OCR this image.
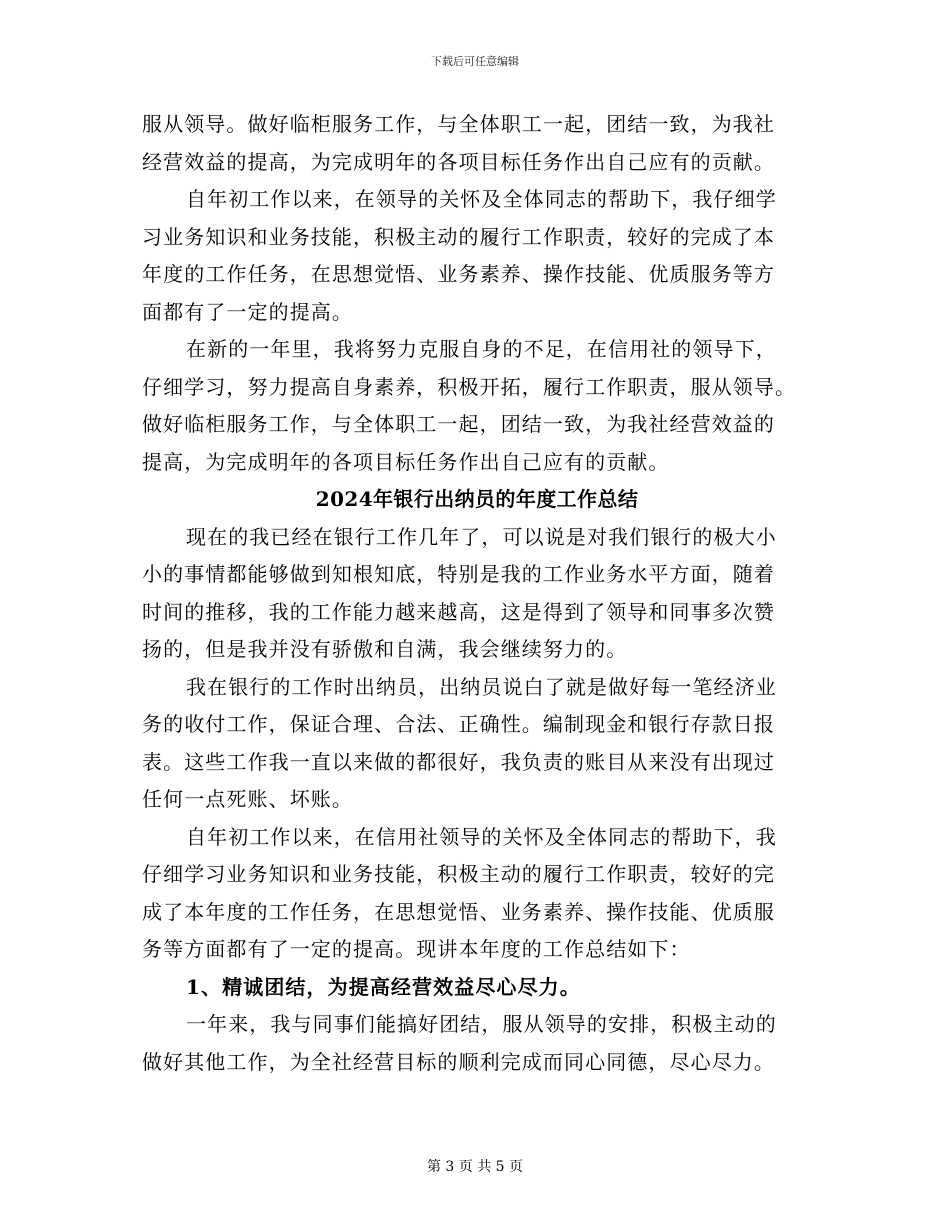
下载后可任意编辑
服从领导。做好临柜服务工作，与全体职工一起，团结一致，为我社
经营效益的提高，为完成明年的各项目标任务作出自己应有的贡献。
自年初工作以来，在领导的关怀及全体同志的帮助下，我仔细学
习业务知识和业务技能，积极主动的履行工作职责，较好的完成了本
年度的工作任务，在思想觉悟、业务素养、操作技能、优质服务等方
面都有了一定的提高。
在新的一年里，我将努力克服自身的不足，在信用社的领导下，
仔细学习，努力提高自身素养，积极开拓，履行工作职责，服从领导。
做好临柜服务工作，与全体职工一起，团结一致，为我社经营效益的
提高，为完成明年的各项目标任务作出自己应有的贡献。
2024年银行出纳员的年度工作总结
现在的我已经在银行工作几年了，可以说是对我们银行的极大小
小的事情都能够做到知根知底，特别是我的工作业务水平方面，随着
时间的推移，我的工作能力越来越高，这是得到了领导和同事多次赞
扬的，但是我并没有骄傲和自满，我会继续努力的。
我在银行的工作时出纳员，出纳员说白了就是做好每一笔经济业
务的收付工作，保证合理、合法、正确性。编制现金和银行存款日报
表。这些工作我一直以来做的都很好，我负责的账目从来没有出现过
任何一点死账、坏账。
自年初工作以来，在信用社领导的关怀及全体同志的帮助下，我
仔细学习业务知识和业务技能，积极主动的履行工作职责，较好的完
成了本年度的工作任务，在思想觉悟、业务素养、操作技能、优质服
务等方面都有了一定的提高。现讲本年度的工作总结如下：
1、精诚团结，为提高经营效益尽心尽力。
一年来，我与同事们能搞好团结，服从领导的安排，积极主动的
做好其他工作，为全社经营目标的顺利完成而同心同德，尽心尽力。
第 3 页 共 5 页
